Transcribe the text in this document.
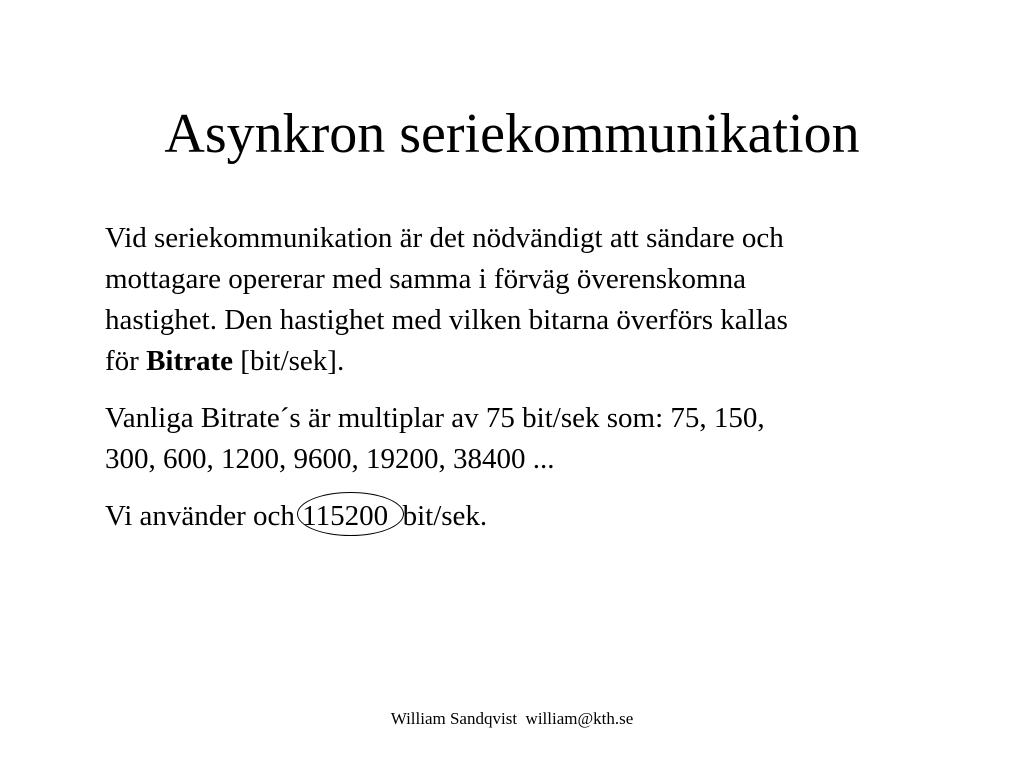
Asynkron seriekommunikation

Vid seriekommunikation är det nödvändigt att sändare och
mottagare opererar med samma i förväg överenskomna
hastighet. Den hastighet med vilken bitarna överförs kallas
för Bitrate [bit/sek].

Vanliga Bitrate´s är multiplar av 75 bit/sek som: 75, 150,
300, 600, 1200, 9600, 19200, 38400 ...

Vi använder och 115200
bit/sek.

William Sandqvist  william@kth.se
